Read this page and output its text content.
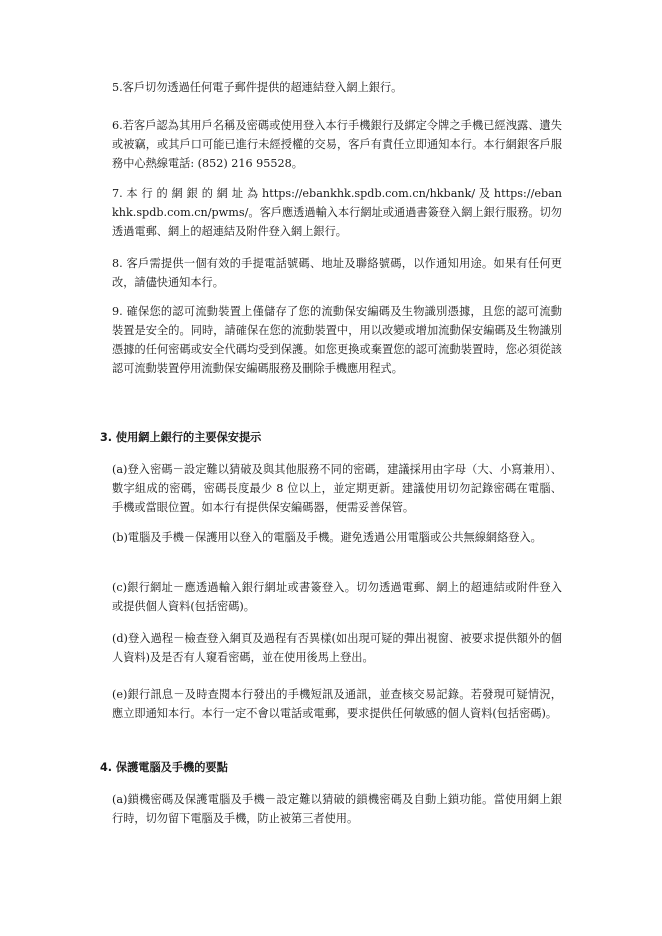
5.客戶切勿透過任何電子郵件提供的超連結登入網上銀行。
6.若客戶認為其用戶名稱及密碼或使用登入本行手機銀行及綁定令牌之手機已經洩露、遺失或被竊，或其戶口可能已進行未經授權的交易，客戶有責任立即通知本行。本行網銀客戶服務中心熱線電話: (852) 216 95528。
7. 本 行 的 網 銀 的 網 址 為 https://ebankhk.spdb.com.cn/hkbank/ 及 https://ebankhk.spdb.com.cn/pwms/。客戶應透過輸入本行網址或通過書簽登入網上銀行服務。切勿透過電郵、網上的超連結及附件登入網上銀行。
8. 客戶需提供一個有效的手提電話號碼、地址及聯絡號碼，以作通知用途。如果有任何更改，請儘快通知本行。
9. 確保您的認可流動裝置上僅儲存了您的流動保安編碼及生物識別憑據，且您的認可流動裝置是安全的。同時，請確保在您的流動裝置中，用以改變或增加流動保安編碼及生物識別憑據的任何密碼或安全代碼均受到保護。如您更換或棄置您的認可流動裝置時，您必須從該認可流動裝置停用流動保安編碼服務及刪除手機應用程式。
3. 使用網上銀行的主要保安提示
(a)登入密碼－設定難以猜破及與其他服務不同的密碼，建議採用由字母（大、小寫兼用）、數字組成的密碼，密碼長度最少 8 位以上，並定期更新。建議使用切勿記錄密碼在電腦、手機或當眼位置。如本行有提供保安編碼器，便需妥善保管。
(b)電腦及手機－保護用以登入的電腦及手機。避免透過公用電腦或公共無線網絡登入。
(c)銀行網址－應透過輸入銀行網址或書簽登入。切勿透過電郵、網上的超連結或附件登入或提供個人資料(包括密碼)。
(d)登入過程－檢查登入網頁及過程有否異樣(如出現可疑的彈出視窗、被要求提供額外的個人資料)及是否有人窺看密碼，並在使用後馬上登出。
(e)銀行訊息－及時查閱本行發出的手機短訊及通訊，並查核交易記錄。若發現可疑情況，應立即通知本行。本行一定不會以電話或電郵，要求提供任何敏感的個人資料(包括密碼)。
4. 保護電腦及手機的要點
(a)鎖機密碼及保護電腦及手機－設定難以猜破的鎖機密碼及自動上鎖功能。當使用網上銀行時，切勿留下電腦及手機，防止被第三者使用。
